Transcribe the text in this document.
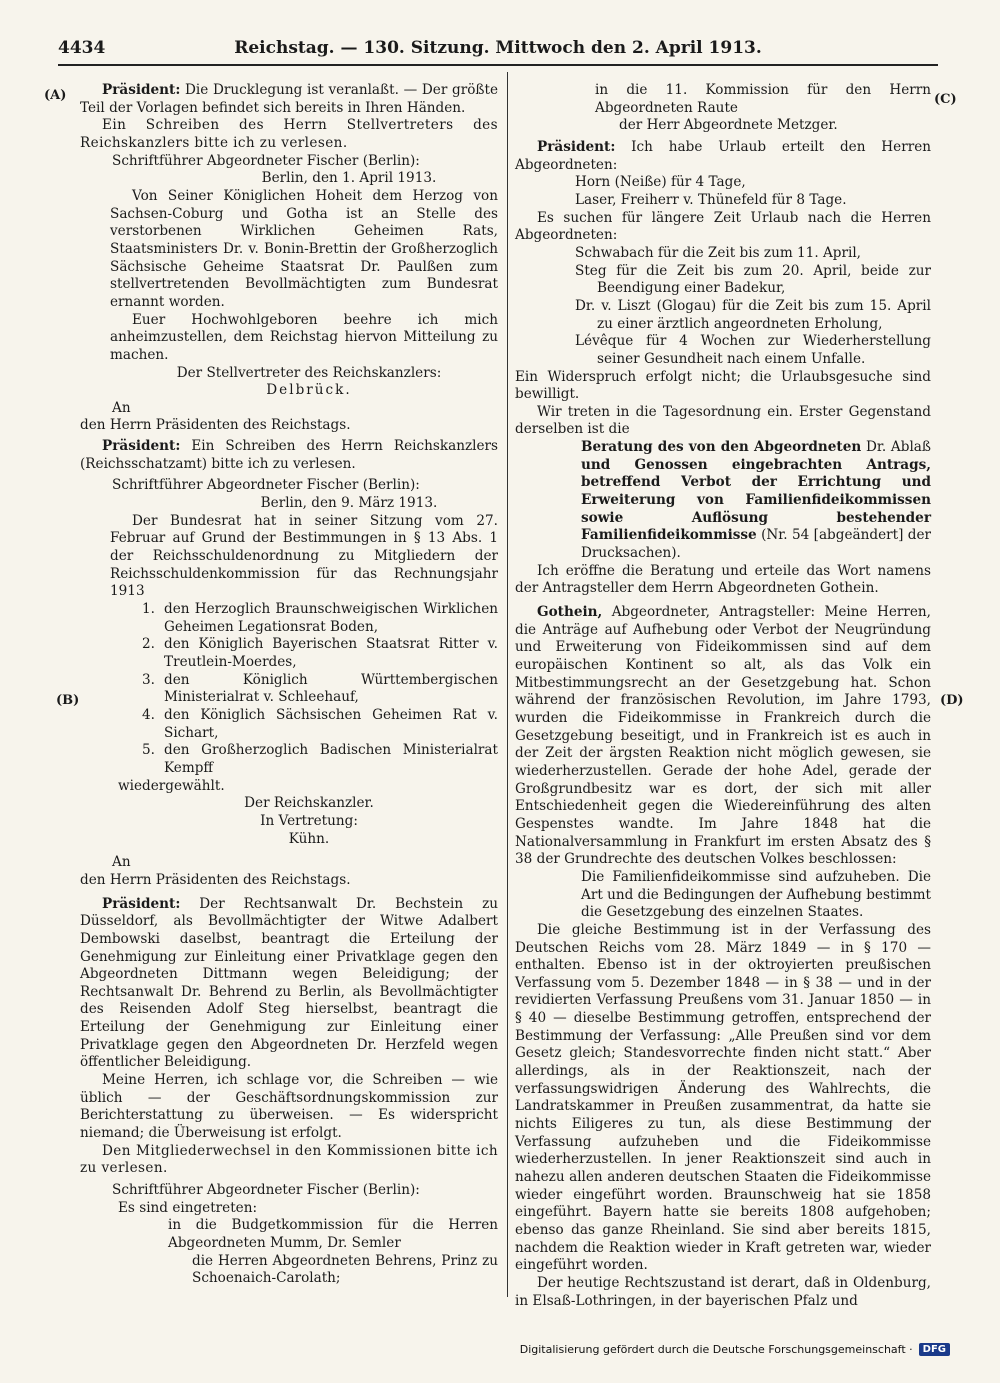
4434	Reichstag. — 130. Sitzung. Mittwoch den 2. April 1913.
(A)
(B)
(C)
(D)

Präsident: Die Drucklegung ist veranlaßt. — Der größte Teil der Vorlagen befindet sich bereits in Ihren Händen.

Ein Schreiben des Herrn Stellvertreters des Reichskanzlers bitte ich zu verlesen.

Schriftführer Abgeordneter Fischer (Berlin):

Berlin, den 1. April 1913.

Von Seiner Königlichen Hoheit dem Herzog von Sachsen-Coburg und Gotha ist an Stelle des verstorbenen Wirklichen Geheimen Rats, Staatsministers Dr. v. Bonin-Brettin der Großherzoglich Sächsische Geheime Staatsrat Dr. Paulßen zum stellvertretenden Bevollmächtigten zum Bundesrat ernannt worden.

Euer Hochwohlgeboren beehre ich mich anheimzustellen, dem Reichstag hiervon Mitteilung zu machen.

Der Stellvertreter des Reichskanzlers:

Delbrück.

An

den Herrn Präsidenten des Reichstags.

Präsident: Ein Schreiben des Herrn Reichskanzlers (Reichsschatzamt) bitte ich zu verlesen.

Schriftführer Abgeordneter Fischer (Berlin):

Berlin, den 9. März 1913.

Der Bundesrat hat in seiner Sitzung vom 27. Februar auf Grund der Bestimmungen in § 13 Abs. 1 der Reichsschuldenordnung zu Mitgliedern der Reichsschuldenkommission für das Rechnungsjahr 1913

1. den Herzoglich Braunschweigischen Wirklichen Geheimen Legationsrat Boden,
2. den Königlich Bayerischen Staatsrat Ritter v. Treutlein-Moerdes,
3. den Königlich Württembergischen Ministerialrat v. Schleehauf,
4. den Königlich Sächsischen Geheimen Rat v. Sichart,
5. den Großherzoglich Badischen Ministerialrat Kempff

wiedergewählt.

Der Reichskanzler.

In Vertretung:

Kühn.

An

den Herrn Präsidenten des Reichstags.

Präsident: Der Rechtsanwalt Dr. Bechstein zu Düsseldorf, als Bevollmächtigter der Witwe Adalbert Dembowski daselbst, beantragt die Erteilung der Genehmigung zur Einleitung einer Privatklage gegen den Abgeordneten Dittmann wegen Beleidigung; der Rechtsanwalt Dr. Behrend zu Berlin, als Bevollmächtigter des Reisenden Adolf Steg hierselbst, beantragt die Erteilung der Genehmigung zur Einleitung einer Privatklage gegen den Abgeordneten Dr. Herzfeld wegen öffentlicher Beleidigung.

Meine Herren, ich schlage vor, die Schreiben — wie üblich — der Geschäftsordnungskommission zur Berichterstattung zu überweisen. — Es widerspricht niemand; die Überweisung ist erfolgt.

Den Mitgliederwechsel in den Kommissionen bitte ich zu verlesen.

Schriftführer Abgeordneter Fischer (Berlin):

Es sind eingetreten:

in die Budgetkommission für die Herren Abgeordneten Mumm, Dr. Semler

die Herren Abgeordneten Behrens, Prinz zu Schoenaich-Carolath;

in die 11. Kommission für den Herrn Abgeordneten Raute

der Herr Abgeordnete Metzger.

Präsident: Ich habe Urlaub erteilt den Herren Abgeordneten:

Horn (Neiße) für 4 Tage,

Laser, Freiherr v. Thünefeld für 8 Tage.

Es suchen für längere Zeit Urlaub nach die Herren Abgeordneten:

Schwabach für die Zeit bis zum 11. April,

Steg für die Zeit bis zum 20. April, beide zur Beendigung einer Badekur,

Dr. v. Liszt (Glogau) für die Zeit bis zum 15. April zu einer ärztlich angeordneten Erholung,

Lévêque für 4 Wochen zur Wiederherstellung seiner Gesundheit nach einem Unfalle.

Ein Widerspruch erfolgt nicht; die Urlaubsgesuche sind bewilligt.

Wir treten in die Tagesordnung ein. Erster Gegenstand derselben ist die

Beratung des von den Abgeordneten Dr. Ablaß und Genossen eingebrachten Antrags, betreffend Verbot der Errichtung und Erweiterung von Familienfideikommissen sowie Auflösung bestehender Familienfideikommisse (Nr. 54 [abgeändert] der Drucksachen).

Ich eröffne die Beratung und erteile das Wort namens der Antragsteller dem Herrn Abgeordneten Gothein.

Gothein, Abgeordneter, Antragsteller: Meine Herren, die Anträge auf Aufhebung oder Verbot der Neugründung und Erweiterung von Fideikommissen sind auf dem europäischen Kontinent so alt, als das Volk ein Mitbestimmungsrecht an der Gesetzgebung hat. Schon während der französischen Revolution, im Jahre 1793, wurden die Fideikommisse in Frankreich durch die Gesetzgebung beseitigt, und in Frankreich ist es auch in der Zeit der ärgsten Reaktion nicht möglich gewesen, sie wiederherzustellen. Gerade der hohe Adel, gerade der Großgrundbesitz war es dort, der sich mit aller Entschiedenheit gegen die Wiedereinführung des alten Gespenstes wandte. Im Jahre 1848 hat die Nationalversammlung in Frankfurt im ersten Absatz des § 38 der Grundrechte des deutschen Volkes beschlossen:

Die Familienfideikommisse sind aufzuheben. Die Art und die Bedingungen der Aufhebung bestimmt die Gesetzgebung des einzelnen Staates.

Die gleiche Bestimmung ist in der Verfassung des Deutschen Reichs vom 28. März 1849 — in § 170 — enthalten. Ebenso ist in der oktroyierten preußischen Verfassung vom 5. Dezember 1848 — in § 38 — und in der revidierten Verfassung Preußens vom 31. Januar 1850 — in § 40 — dieselbe Bestimmung getroffen, entsprechend der Bestimmung der Verfassung: „Alle Preußen sind vor dem Gesetz gleich; Standesvorrechte finden nicht statt.“ Aber allerdings, als in der Reaktionszeit, nach der verfassungswidrigen Änderung des Wahlrechts, die Landratskammer in Preußen zusammentrat, da hatte sie nichts Eiligeres zu tun, als diese Bestimmung der Verfassung aufzuheben und die Fideikommisse wiederherzustellen. In jener Reaktionszeit sind auch in nahezu allen anderen deutschen Staaten die Fideikommisse wieder eingeführt worden. Braunschweig hat sie 1858 eingeführt. Bayern hatte sie bereits 1808 aufgehoben; ebenso das ganze Rheinland. Sie sind aber bereits 1815, nachdem die Reaktion wieder in Kraft getreten war, wieder eingeführt worden.

Der heutige Rechtszustand ist derart, daß in Oldenburg, in Elsaß-Lothringen, in der bayerischen Pfalz und

Digitalisierung gefördert durch die Deutsche Forschungsgemeinschaft ·	DFG
